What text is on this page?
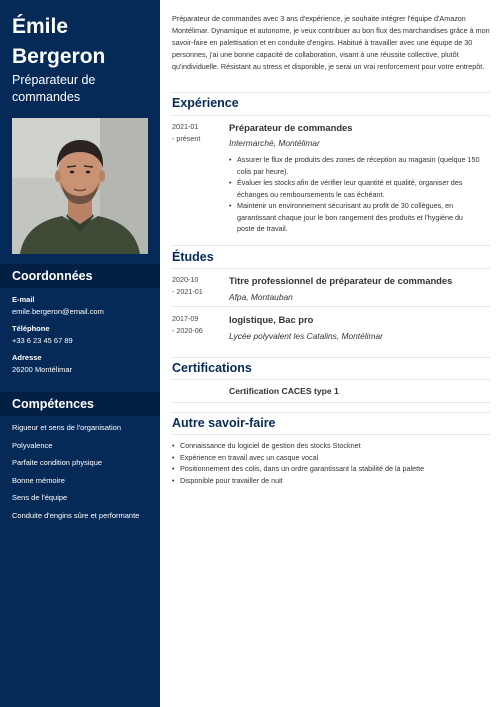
Émile
Bergeron
Préparateur de commandes
Coordonnées
E-mail
emile.bergeron@email.com
Téléphone
+33 6 23 45 67 89
Adresse
26200 Montélimar
Compétences
Rigueur et sens de l'organisation
Polyvalence
Parfaite condition physique
Bonne mémoire
Sens de l'équipe
Conduite d'engins sûre et performante

Préparateur de commandes avec 3 ans d'expérience, je souhaite intégrer l'équipe d'Amazon Montélimar. Dynamique et autonome, je veux contribuer au bon flux des marchandises grâce à mon savoir-faire en palettisation et en conduite d'engins. Habitué à travailler avec une équipe de 30 personnes, j'ai une bonne capacité de collaboration, visant à une réussite collective, plutôt qu'individuelle. Résistant au stress et disponible, je serai un vrai renforcement pour votre entrepôt.

Expérience
2021-01
- présent
Préparateur de commandes
Intermarché, Montélimar
• Assurer le flux de produits des zones de réception au magasin (quelque 150 colis par heure).
• Évaluer les stocks afin de vérifier leur quantité et qualité, organiser des échanges ou remboursements le cas échéant.
• Maintenir un environnement sécurisant au profit de 30 collègues, en garantissant chaque jour le bon rangement des produits et l'hygiène du poste de travail.
Études
2020-10
- 2021-01
Titre professionnel de préparateur de commandes
Afpa, Montauban
2017-09
- 2020-06
logistique, Bac pro
Lycée polyvalent les Catalins, Montélimar
Certifications
Certification CACES type 1
Autre savoir-faire
• Connaissance du logiciel de gestion des stocks Stocknet
• Expérience en travail avec un casque vocal
• Positionnement des colis, dans un ordre garantissant la stabilité de la palette
• Disponible pour travailler de nuit
